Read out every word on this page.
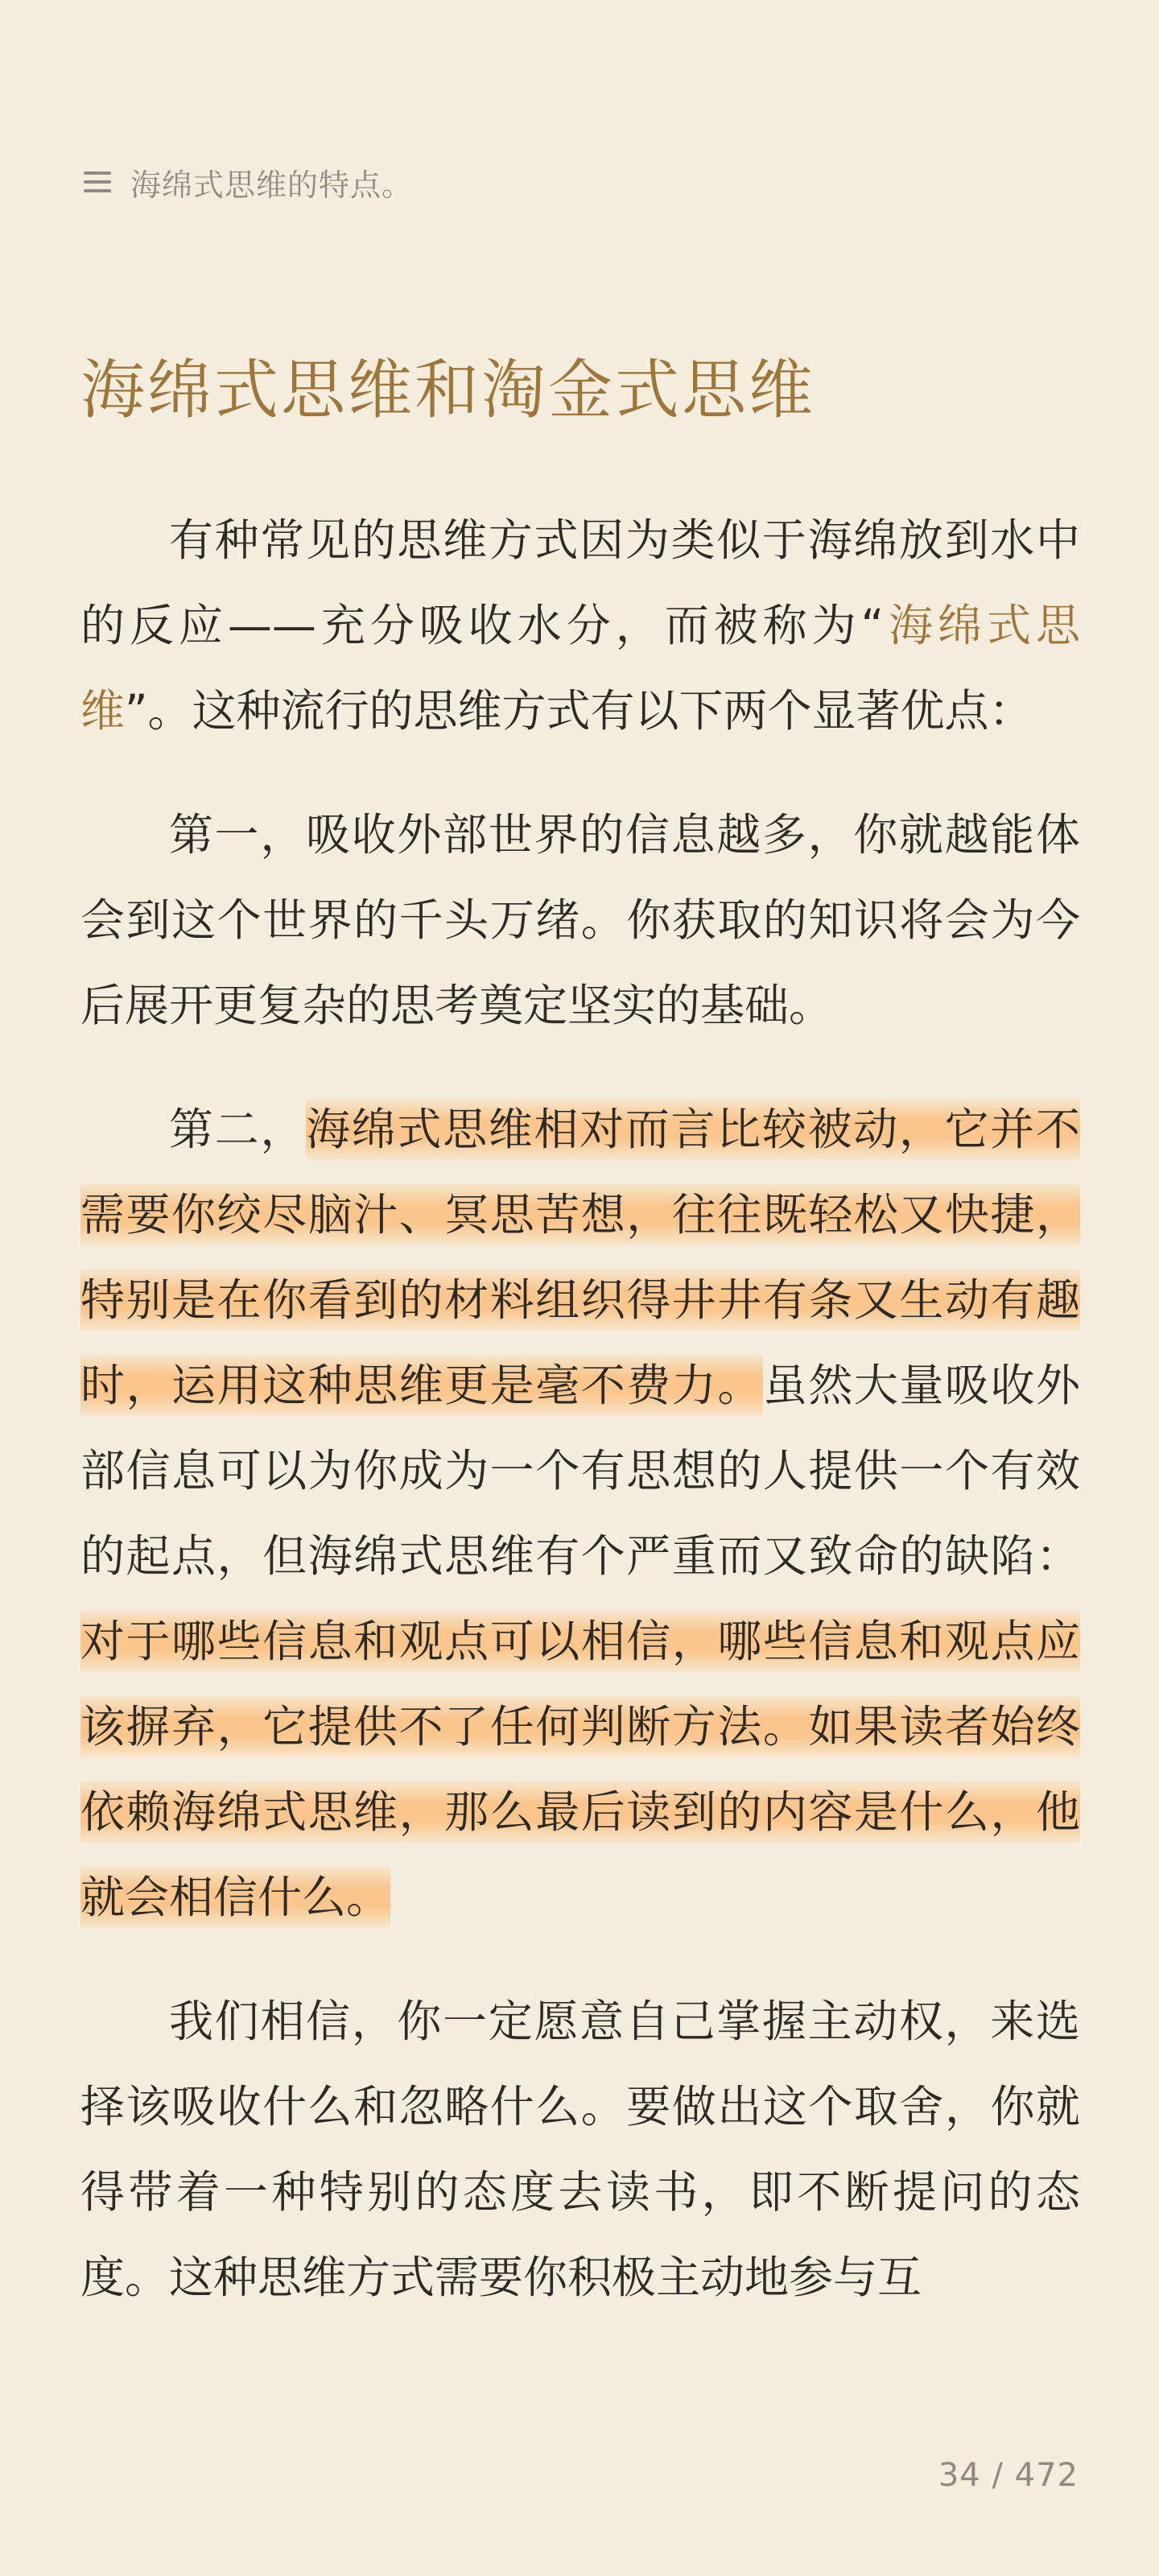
海绵式思维的特点。
海绵式思维和淘金式思维

有种常见的思维方式因为类似于海绵放到水中的反应——充分吸收水分，而被称为“海绵式思维”。这种流行的思维方式有以下两个显著优点：

第一，吸收外部世界的信息越多，你就越能体会到这个世界的千头万绪。你获取的知识将会为今后展开更复杂的思考奠定坚实的基础。

第二，海绵式思维相对而言比较被动，它并不需要你绞尽脑汁、冥思苦想，往往既轻松又快捷，特别是在你看到的材料组织得井井有条又生动有趣时，运用这种思维更是毫不费力。虽然大量吸收外部信息可以为你成为一个有思想的人提供一个有效的起点，但海绵式思维有个严重而又致命的缺陷：对于哪些信息和观点可以相信，哪些信息和观点应该摒弃，它提供不了任何判断方法。如果读者始终依赖海绵式思维，那么最后读到的内容是什么，他就会相信什么。

我们相信，你一定愿意自己掌握主动权，来选择该吸收什么和忽略什么。要做出这个取舍，你就得带着一种特别的态度去读书，即不断提问的态度。这种思维方式需要你积极主动地参与互

34 / 472
